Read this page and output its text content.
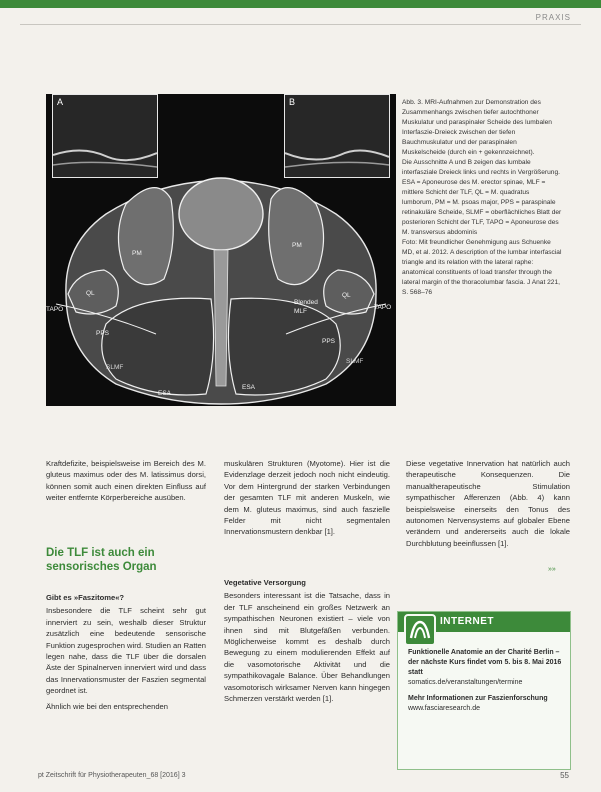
PRAXIS
A	B
PM
PM
QL	QL
TAPO	TAPO
PPS
PPS
SLMF
SLMF
Blended
MLF
ESA
ESA

Abb. 3. MRI-Aufnahmen zur Demonstration des Zusammenhangs zwischen tiefer autochthoner Muskulatur und paraspinaler Scheide des lumbalen Interfaszie-Dreieck zwischen der tiefen Bauchmuskulatur und der paraspinalen Muskelscheide (durch ein + gekennzeichnet).

Die Ausschnitte A und B zeigen das lumbale interfasziale Dreieck links und rechts in Vergrößerung.

ESA = Aponeurose des M. erector spinae, MLF = mittlere Schicht der TLF, QL = M. quadratus lumborum, PM = M. psoas major, PPS = paraspinale retinakuläre Scheide, SLMF = oberflächliches Blatt der posterioren Schicht der TLF, TAPO = Aponeurose des M. transversus abdominis

Foto: Mit freundlicher Genehmigung aus Schuenke MD, et al. 2012. A description of the lumbar interfascial triangle and its relation with the lateral raphe: anatomical constituents of load transfer through the lateral margin of the thoracolumbar fascia. J Anat 221, S. 568–76

Kraftdefizite, beispielsweise im Bereich des M. gluteus maximus oder des M. latissimus dorsi, können somit auch einen direkten Einfluss auf weiter entfernte Körperbereiche ausüben.

Die TLF ist auch ein sensorisches Organ
Gibt es »Faszitome«?

Insbesondere die TLF scheint sehr gut innerviert zu sein, weshalb dieser Struktur zusätzlich eine bedeutende sensorische Funktion zugesprochen wird. Studien an Ratten legen nahe, dass die TLF über die dorsalen Äste der Spinalnerven innerviert wird und dass das Innervationsmuster der Faszien segmental geordnet ist.

Ähnlich wie bei den entsprechenden

muskulären Strukturen (Myotome). Hier ist die Evidenzlage derzeit jedoch noch nicht eindeutig. Vor dem Hintergrund der starken Verbindungen der gesamten TLF mit anderen Muskeln, wie dem M. gluteus maximus, sind auch faszielle Felder mit nicht segmentalen Innervationsmustern denkbar [1].

Vegetative Versorgung

Besonders interessant ist die Tatsache, dass in der TLF anscheinend ein großes Netzwerk an sympathischen Neuronen existiert – viele von ihnen sind mit Blutgefäßen verbunden. Möglicherweise kommt es deshalb durch Bewegung zu einem modulierenden Effekt auf die vasomotorische Aktivität und die sympathikovagale Balance. Über Behandlungen vasomotorisch wirksamer Nerven kann hingegen Schmerzen verstärkt werden [1].

Diese vegetative Innervation hat natürlich auch therapeutische Konsequenzen. Die manualtherapeutische Stimulation sympathischer Afferenzen (Abb. 4) kann beispielsweise einerseits den Tonus des autonomen Nervensystems auf globaler Ebene verändern und andererseits auch die lokale Durchblutung beeinflussen [1].

»»
INTERNET

Funktionelle Anatomie an der Charité Berlin – der nächste Kurs findet vom 5. bis 8. Mai 2016 statt
somatics.de/veranstaltungen/termine

Mehr Informationen zur Faszienforschung
www.fasciaresearch.de

pt Zeitschrift für Physiotherapeuten_68 [2016] 3	55
